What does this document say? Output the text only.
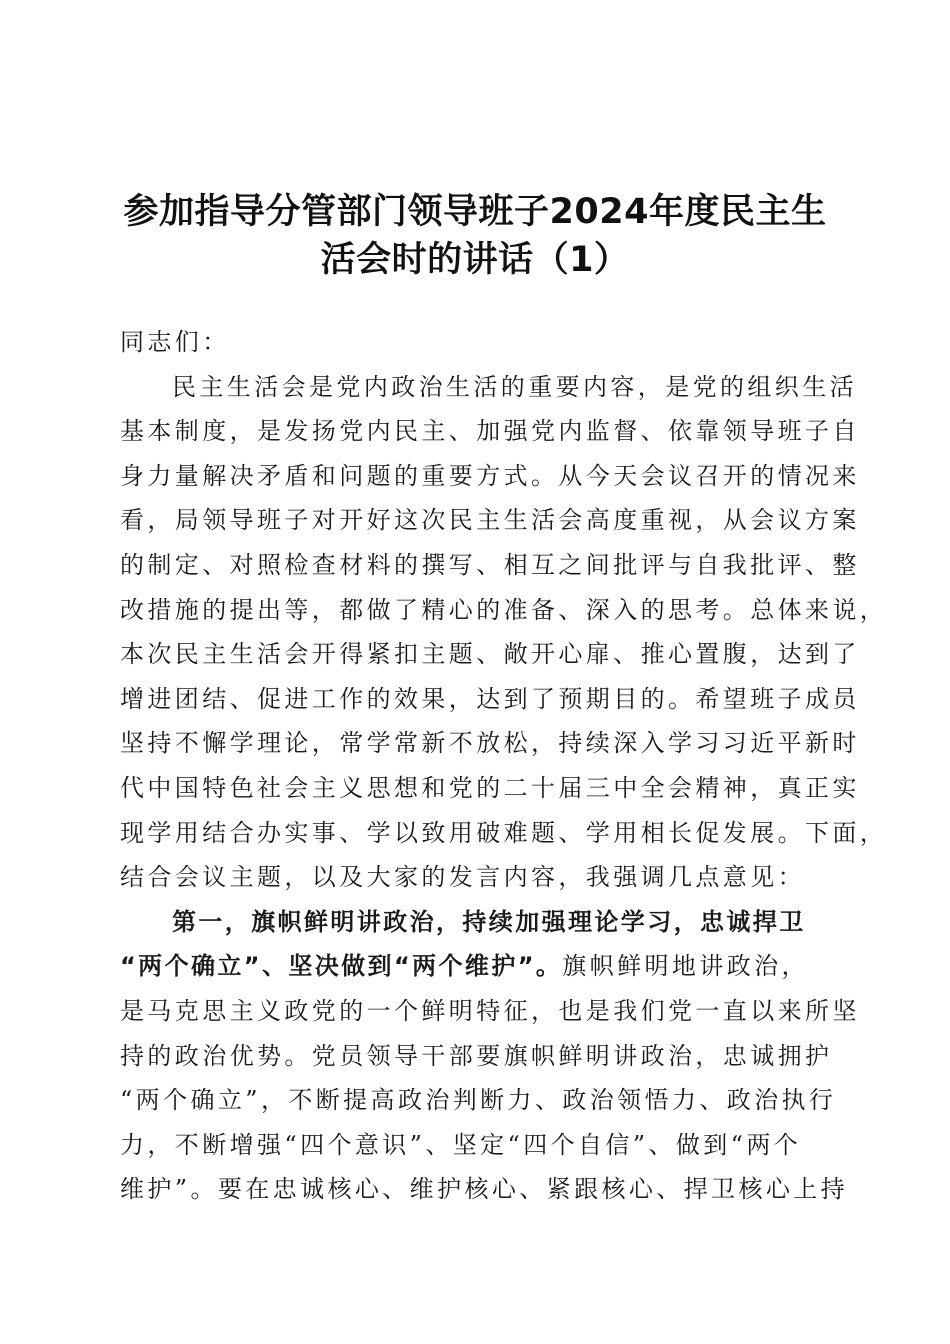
参加指导分管部门领导班子2024年度民主生
活会时的讲话（1）
同志们：
民主生活会是党内政治生活的重要内容，是党的组织生活
基本制度，是发扬党内民主、加强党内监督、依靠领导班子自
身力量解决矛盾和问题的重要方式。从今天会议召开的情况来
看，局领导班子对开好这次民主生活会高度重视，从会议方案
的制定、对照检查材料的撰写、相互之间批评与自我批评、整
改措施的提出等，都做了精心的准备、深入的思考。总体来说，
本次民主生活会开得紧扣主题、敞开心扉、推心置腹，达到了
增进团结、促进工作的效果，达到了预期目的。希望班子成员
坚持不懈学理论，常学常新不放松，持续深入学习习近平新时
代中国特色社会主义思想和党的二十届三中全会精神，真正实
现学用结合办实事、学以致用破难题、学用相长促发展。下面，
结合会议主题，以及大家的发言内容，我强调几点意见：
第一，旗帜鲜明讲政治，持续加强理论学习，忠诚捍卫
“两个确立”、坚决做到“两个维护”。旗帜鲜明地讲政治，
是马克思主义政党的一个鲜明特征，也是我们党一直以来所坚
持的政治优势。党员领导干部要旗帜鲜明讲政治，忠诚拥护
“两个确立”，不断提高政治判断力、政治领悟力、政治执行
力，不断增强“四个意识”、坚定“四个自信”、做到“两个
维护”。要在忠诚核心、维护核心、紧跟核心、捍卫核心上持
